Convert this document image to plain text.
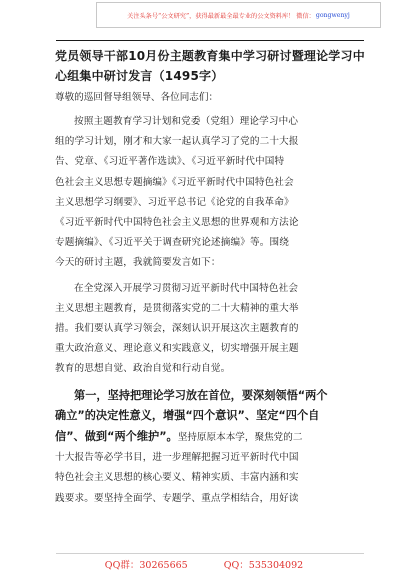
关注头条号“公文研究”，获得最新最全最专业的公文资料库！ 微信： gongwenyj
党员领导干部10月份主题教育集中学习研讨暨理论学习中
心组集中研讨发言（1495字）
尊敬的巡回督导组领导、各位同志们：
按照主题教育学习计划和党委（党组）理论学习中心
组的学习计划，刚才和大家一起认真学习了党的二十大报
告、党章、《习近平著作选读》、《习近平新时代中国特
色社会主义思想专题摘编》《习近平新时代中国特色社会
主义思想学习纲要》、习近平总书记《论党的自我革命》
《习近平新时代中国特色社会主义思想的世界观和方法论
专题摘编》、《习近平关于调查研究论述摘编》等。围绕
今天的研讨主题，我就简要发言如下：
在全党深入开展学习贯彻习近平新时代中国特色社会
主义思想主题教育，是贯彻落实党的二十大精神的重大举
措。我们要认真学习领会，深刻认识开展这次主题教育的
重大政治意义、理论意义和实践意义，切实增强开展主题
教育的思想自觉、政治自觉和行动自觉。
第一，坚持把理论学习放在首位，要深刻领悟“两个
确立”的决定性意义，增强“四个意识”、坚定“四个自
信”、做到“两个维护”。坚持原原本本学，聚焦党的二
十大报告等必学书目，进一步理解把握习近平新时代中国
特色社会主义思想的核心要义、精神实质、丰富内涵和实
践要求。要坚持全面学、专题学、重点学相结合，用好读
QQ群：30265665	QQ：535304092
